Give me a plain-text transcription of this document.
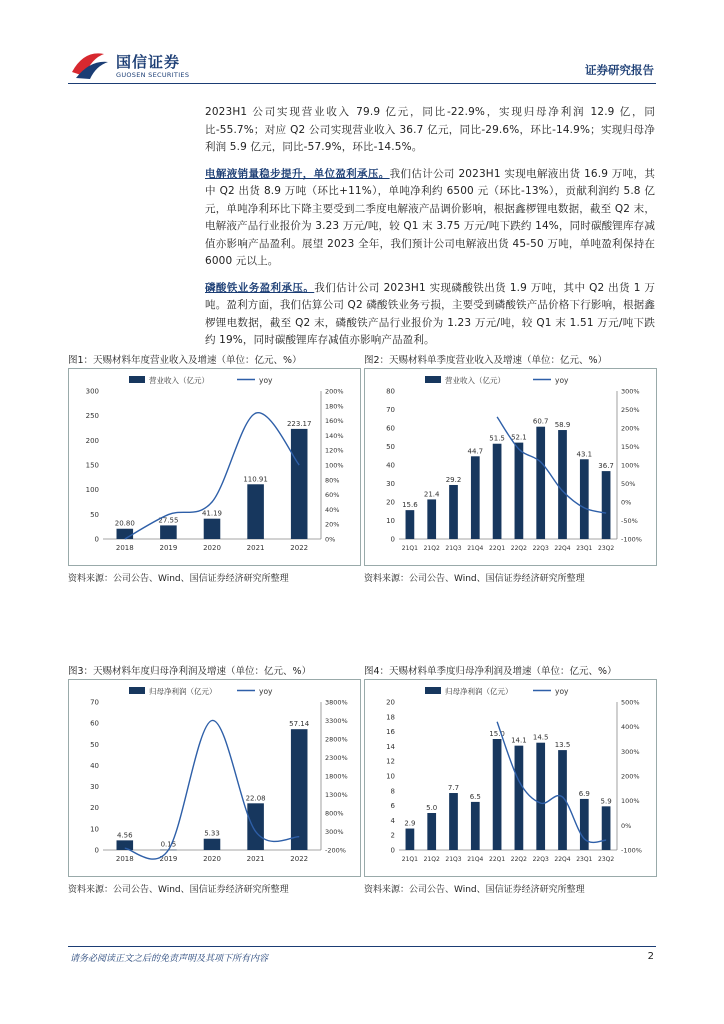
国信证券
GUOSEN SECURITIES	证券研究报告

2023H1 公司实现营业收入 79.9 亿元，同比-22.9%，实现归母净利润 12.9 亿，同比-55.7%；对应 Q2 公司实现营业收入 36.7 亿元，同比-29.6%，环比-14.9%；实现归母净利润 5.9 亿元，同比-57.9%，环比-14.5%。

电解液销量稳步提升，单位盈利承压。我们估计公司 2023H1 实现电解液出货 16.9 万吨，其中 Q2 出货 8.9 万吨（环比+11%），单吨净利约 6500 元（环比-13%），贡献利润约 5.8 亿元，单吨净利环比下降主要受到二季度电解液产品调价影响，根据鑫椤锂电数据，截至 Q2 末，电解液产品行业报价为 3.23 万元/吨，较 Q1 末 3.75 万元/吨下跌约 14%，同时碳酸锂库存减值亦影响产品盈利。展望 2023 全年，我们预计公司电解液出货 45-50 万吨，单吨盈利保持在 6000 元以上。

磷酸铁业务盈利承压。我们估计公司 2023H1 实现磷酸铁出货 1.9 万吨，其中 Q2 出货 1 万吨。盈利方面，我们估算公司 Q2 磷酸铁业务亏损，主要受到磷酸铁产品价格下行影响，根据鑫椤锂电数据，截至 Q2 末，磷酸铁产品行业报价为 1.23 万元/吨，较 Q1 末 1.51 万元/吨下跌约 19%，同时碳酸锂库存减值亦影响产品盈利。

图1：天赐材料年度营业收入及增速（单位：亿元、%）
营业收入（亿元）	yoy
0
50
100
150
200
250
300
0%
20%
40%
60%
80%
100%
120%
140%
160%
180%
200%
20.80
2018
27.55
2019
41.19
2020
110.91
2021
223.17
2022
资料来源：公司公告、Wind、国信证券经济研究所整理
图2：天赐材料单季度营业收入及增速（单位：亿元、%）
营业收入（亿元）	yoy
0
10
20
30
40
50
60
70
80
-100%
-50%
0%
50%
100%
150%
200%
250%
300%
15.6
21Q1
21.4
21Q2
29.2
21Q3
44.7
21Q4
51.5
22Q1
52.1
22Q2
60.7
22Q3
58.9
22Q4
43.1
23Q1
36.7
23Q2
资料来源：公司公告、Wind、国信证券经济研究所整理
图3：天赐材料年度归母净利润及增速（单位：亿元、%）
归母净利润（亿元）	yoy
0
10
20
30
40
50
60
70
-200%
300%
800%
1300%
1800%
2300%
2800%
3300%
3800%
4.56
2018
0.15
2019
5.33
2020
22.08
2021
57.14
2022
资料来源：公司公告、Wind、国信证券经济研究所整理
图4：天赐材料单季度归母净利润及增速（单位：亿元、%）
归母净利润（亿元）	yoy
0
2
4
6
8
10
12
14
16
18
20
-100%
0%
100%
200%
300%
400%
500%
2.9
21Q1
5.0
21Q2
7.7
21Q3
6.5
21Q4
15.0
22Q1
14.1
22Q2
14.5
22Q3
13.5
22Q4
6.9
23Q1
5.9
23Q2
资料来源：公司公告、Wind、国信证券经济研究所整理
请务必阅读正文之后的免责声明及其项下所有内容	2
